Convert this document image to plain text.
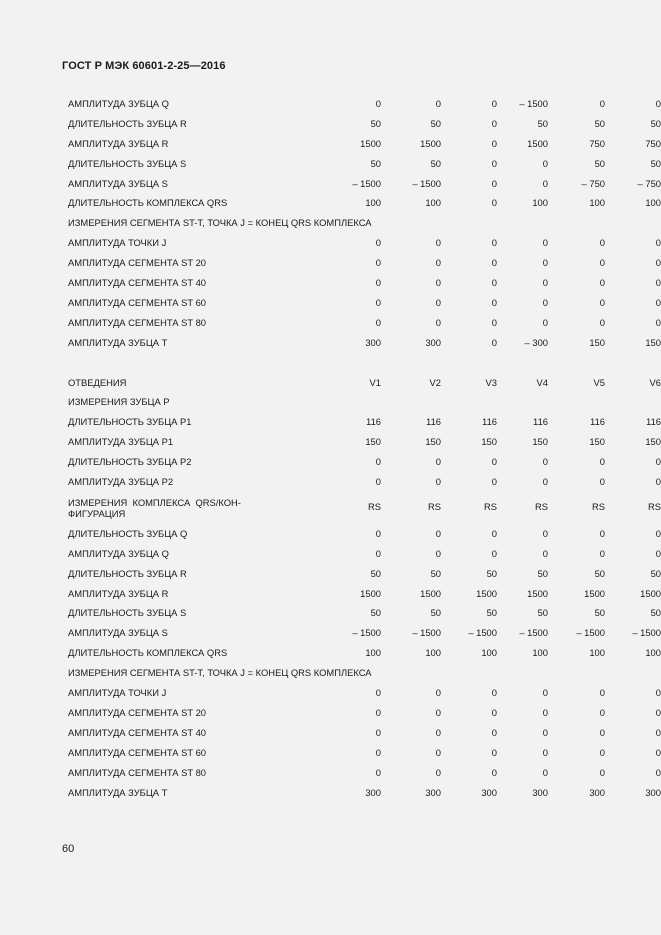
ГОСТ Р МЭК 60601-2-25—2016
АМПЛИТУДА ЗУБЦА Q	0	0	0	– 1500	0	0
ДЛИТЕЛЬНОСТЬ ЗУБЦА R	50	50	0	50	50	50
АМПЛИТУДА ЗУБЦА R	1500	1500	0	1500	750	750
ДЛИТЕЛЬНОСТЬ ЗУБЦА S	50	50	0	0	50	50
АМПЛИТУДА ЗУБЦА S	– 1500	– 1500	0	0	– 750	– 750
ДЛИТЕЛЬНОСТЬ КОМПЛЕКСА QRS	100	100	0	100	100	100
ИЗМЕРЕНИЯ СЕГМЕНТА ST-T, ТОЧКА J = КОНЕЦ QRS КОМПЛЕКСА
АМПЛИТУДА ТОЧКИ J	0	0	0	0	0	0
АМПЛИТУДА СЕГМЕНТА ST 20	0	0	0	0	0	0
АМПЛИТУДА СЕГМЕНТА ST 40	0	0	0	0	0	0
АМПЛИТУДА СЕГМЕНТА ST 60	0	0	0	0	0	0
АМПЛИТУДА СЕГМЕНТА ST 80	0	0	0	0	0	0
АМПЛИТУДА ЗУБЦА T	300	300	0	– 300	150	150
ОТВЕДЕНИЯ	V1	V2	V3	V4	V5	V6
ИЗМЕРЕНИЯ ЗУБЦА P
ДЛИТЕЛЬНОСТЬ ЗУБЦА P1	116	116	116	116	116	116
АМПЛИТУДА ЗУБЦА P1	150	150	150	150	150	150
ДЛИТЕЛЬНОСТЬ ЗУБЦА P2	0	0	0	0	0	0
АМПЛИТУДА ЗУБЦА P2	0	0	0	0	0	0
ИЗМЕРЕНИЯ  КОМПЛЕКСА  QRS/КОН-
ФИГУРАЦИЯ
RS	RS	RS	RS	RS	RS
ДЛИТЕЛЬНОСТЬ ЗУБЦА Q	0	0	0	0	0	0
АМПЛИТУДА ЗУБЦА Q	0	0	0	0	0	0
ДЛИТЕЛЬНОСТЬ ЗУБЦА R	50	50	50	50	50	50
АМПЛИТУДА ЗУБЦА R	1500	1500	1500	1500	1500	1500
ДЛИТЕЛЬНОСТЬ ЗУБЦА S	50	50	50	50	50	50
АМПЛИТУДА ЗУБЦА S	– 1500	– 1500	– 1500	– 1500	– 1500	– 1500
ДЛИТЕЛЬНОСТЬ КОМПЛЕКСА QRS	100	100	100	100	100	100
ИЗМЕРЕНИЯ СЕГМЕНТА ST-T, ТОЧКА J = КОНЕЦ QRS КОМПЛЕКСА
АМПЛИТУДА ТОЧКИ J	0	0	0	0	0	0
АМПЛИТУДА СЕГМЕНТА ST 20	0	0	0	0	0	0
АМПЛИТУДА СЕГМЕНТА ST 40	0	0	0	0	0	0
АМПЛИТУДА СЕГМЕНТА ST 60	0	0	0	0	0	0
АМПЛИТУДА СЕГМЕНТА ST 80	0	0	0	0	0	0
АМПЛИТУДА ЗУБЦА T	300	300	300	300	300	300
60
